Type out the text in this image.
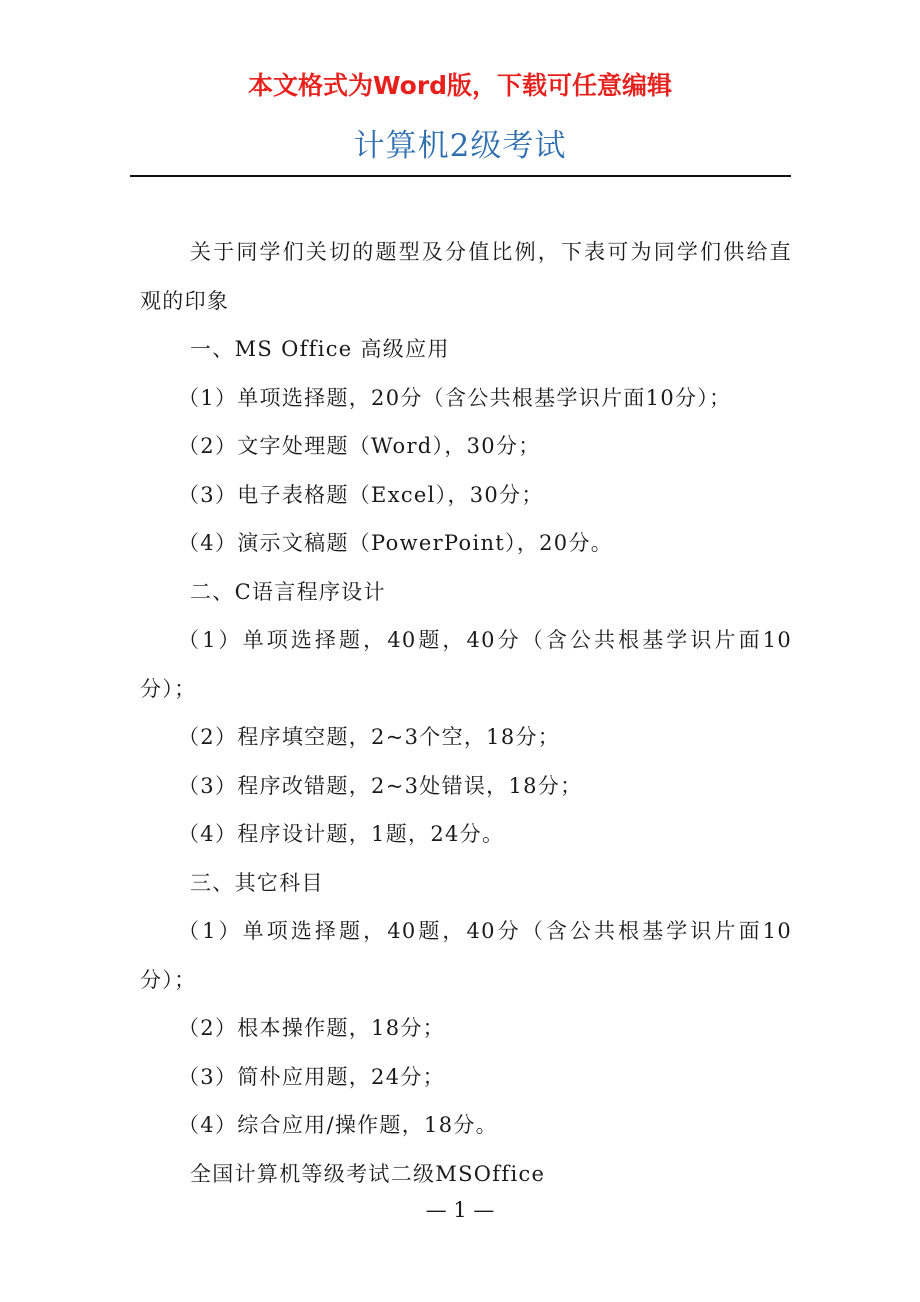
本文格式为Word版，下载可任意编辑
计算机2级考试

关于同学们关切的题型及分值比例，下表可为同学们供给直观的印象

一、MS Office 高级应用

（1）单项选择题，20分（含公共根基学识片面10分）；

（2）文字处理题（Word），30分；

（3）电子表格题（Excel），30分；

（4）演示文稿题（PowerPoint），20分。

二、C语言程序设计

（1）单项选择题，40题，40分（含公共根基学识片面10分）；

（2）程序填空题，2~3个空，18分；

（3）程序改错题，2~3处错误，18分；

（4）程序设计题，1题，24分。

三、其它科目

（1）单项选择题，40题，40分（含公共根基学识片面10分）；

（2）根本操作题，18分；

（3）简朴应用题，24分；

（4）综合应用/操作题，18分。

全国计算机等级考试二级MSOffice

— 1 —
